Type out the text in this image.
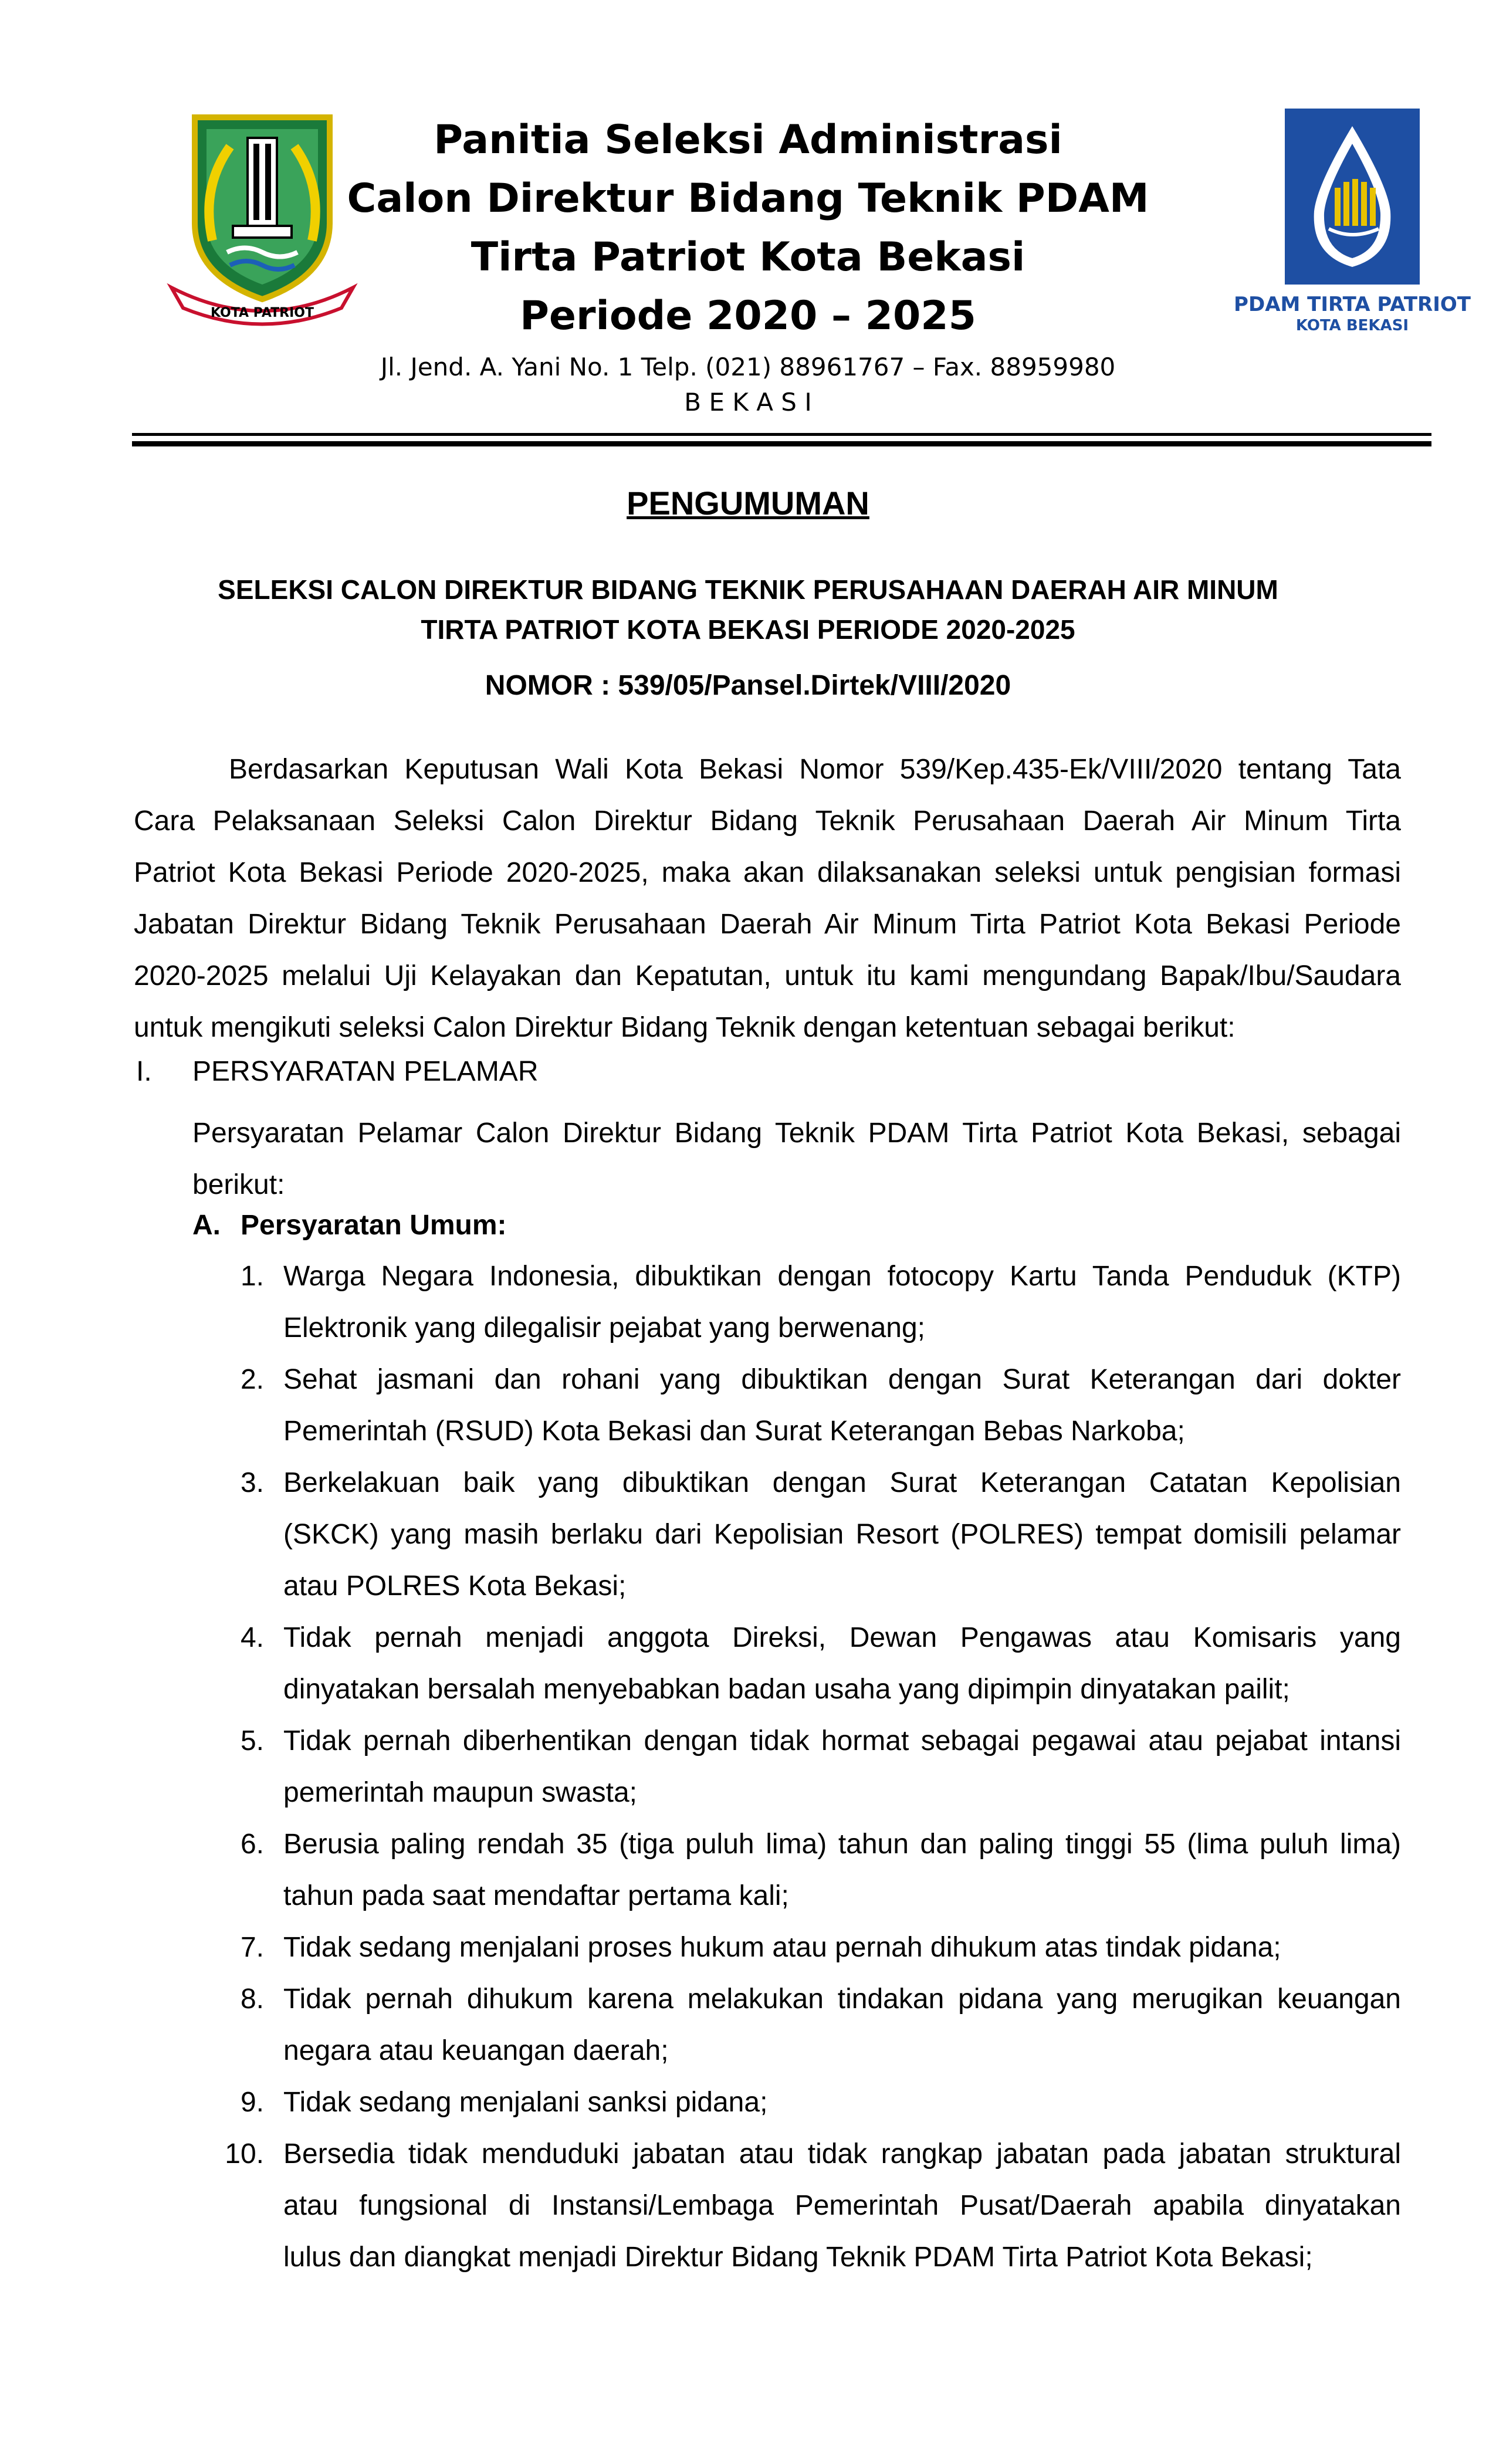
KOTA PATRIOT	PDAM TIRTA PATRIOT
KOTA BEKASI
Panitia Seleksi Administrasi
Calon Direktur Bidang Teknik PDAM
Tirta Patriot Kota Bekasi
Periode 2020 – 2025
Jl. Jend. A. Yani No. 1 Telp. (021) 88961767 – Fax. 88959980
B E K A S I
PENGUMUMAN
SELEKSI CALON DIREKTUR BIDANG TEKNIK PERUSAHAAN DAERAH AIR MINUM
TIRTA PATRIOT KOTA BEKASI PERIODE 2020-2025
NOMOR : 539/05/Pansel.Dirtek/VIII/2020
Berdasarkan Keputusan Wali Kota Bekasi Nomor 539/Kep.435-Ek/VIII/2020 tentang Tata
Cara Pelaksanaan Seleksi Calon Direktur Bidang Teknik Perusahaan Daerah Air Minum Tirta
Patriot Kota Bekasi Periode 2020-2025, maka akan dilaksanakan seleksi untuk pengisian formasi
Jabatan Direktur Bidang Teknik Perusahaan Daerah Air Minum Tirta Patriot Kota Bekasi Periode
2020-2025 melalui Uji Kelayakan dan Kepatutan, untuk itu kami mengundang Bapak/Ibu/Saudara
untuk mengikuti seleksi Calon Direktur Bidang Teknik dengan ketentuan sebagai berikut:
I. PERSYARATAN PELAMAR
Persyaratan Pelamar Calon Direktur Bidang Teknik PDAM Tirta Patriot Kota Bekasi, sebagai
berikut:
A. Persyaratan Umum:
1. Warga Negara Indonesia, dibuktikan dengan fotocopy Kartu Tanda Penduduk (KTP)
Elektronik yang dilegalisir pejabat yang berwenang;
2. Sehat jasmani dan rohani yang dibuktikan dengan Surat Keterangan dari dokter
Pemerintah (RSUD) Kota Bekasi dan Surat Keterangan Bebas Narkoba;
3. Berkelakuan baik yang dibuktikan dengan Surat Keterangan Catatan Kepolisian
(SKCK) yang masih berlaku dari Kepolisian Resort (POLRES) tempat domisili pelamar
atau POLRES Kota Bekasi;
4. Tidak pernah menjadi anggota Direksi, Dewan Pengawas atau Komisaris yang
dinyatakan bersalah menyebabkan badan usaha yang dipimpin dinyatakan pailit;
5. Tidak pernah diberhentikan dengan tidak hormat sebagai pegawai atau pejabat intansi
pemerintah maupun swasta;
6. Berusia paling rendah 35 (tiga puluh lima) tahun dan paling tinggi 55 (lima puluh lima)
tahun pada saat mendaftar pertama kali;
7. Tidak sedang menjalani proses hukum atau pernah dihukum atas tindak pidana;
8. Tidak pernah dihukum karena melakukan tindakan pidana yang merugikan keuangan
negara atau keuangan daerah;
9. Tidak sedang menjalani sanksi pidana;
10. Bersedia tidak menduduki jabatan atau tidak rangkap jabatan pada jabatan struktural
atau fungsional di Instansi/Lembaga Pemerintah Pusat/Daerah apabila dinyatakan
lulus dan diangkat menjadi Direktur Bidang Teknik PDAM Tirta Patriot Kota Bekasi;
